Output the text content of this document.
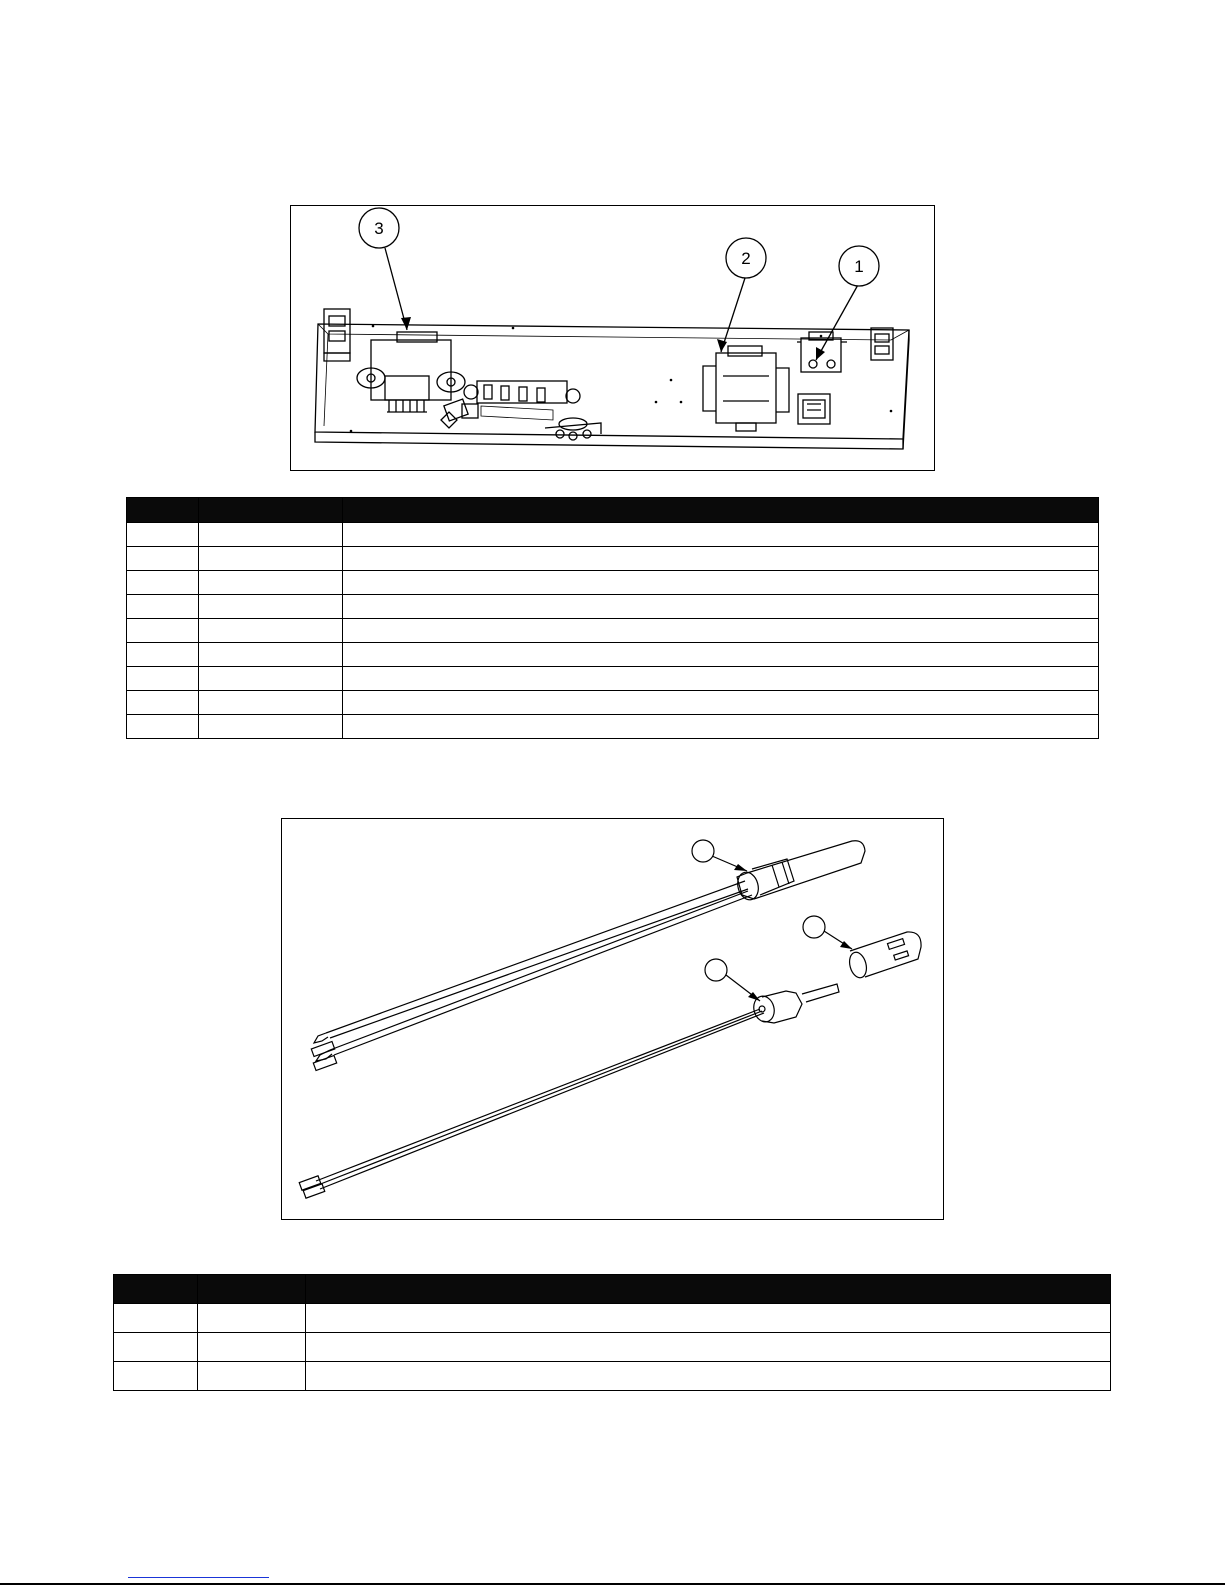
3
2	1
